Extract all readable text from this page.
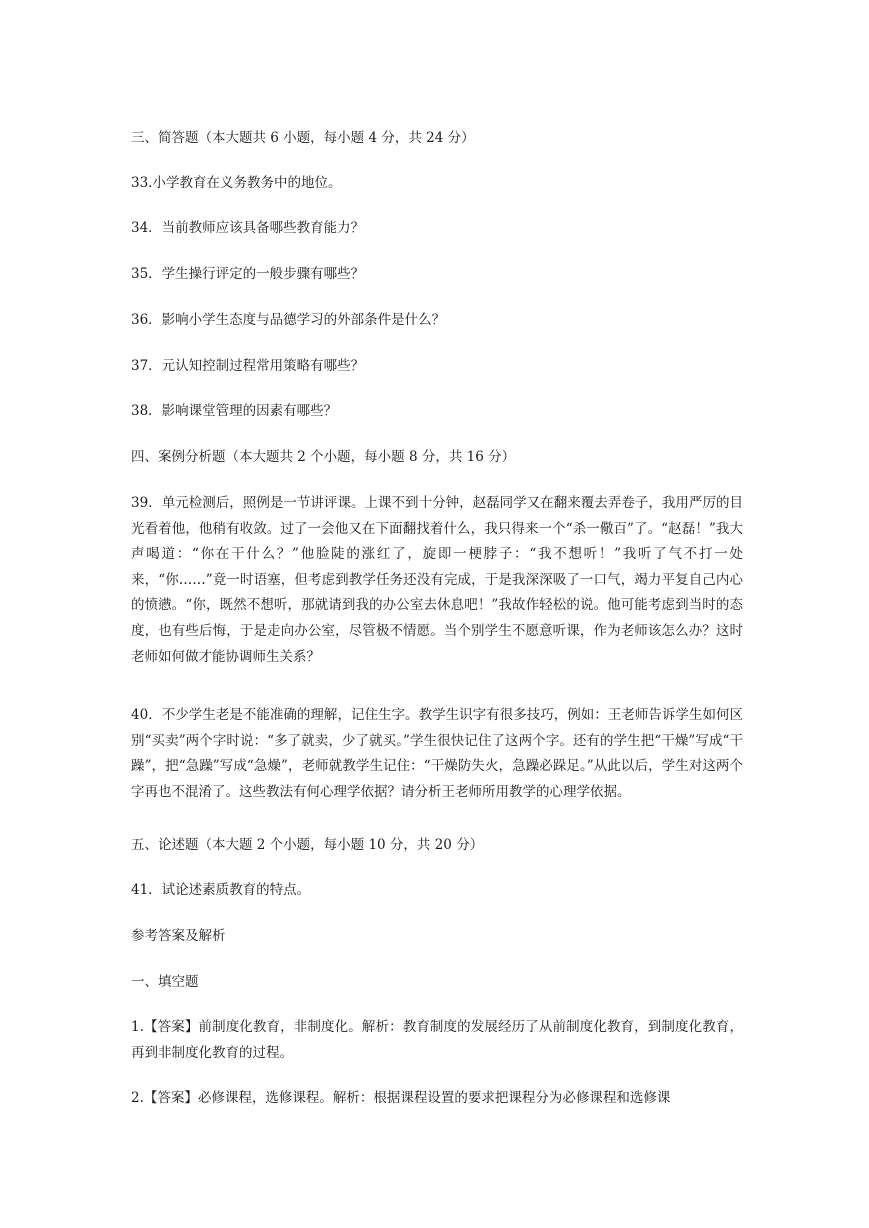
三、简答题（本大题共 6 小题，每小题 4 分，共 24 分）

33.小学教育在义务教务中的地位。

34．当前教师应该具备哪些教育能力？

35．学生操行评定的一般步骤有哪些？

36．影响小学生态度与品德学习的外部条件是什么？

37．元认知控制过程常用策略有哪些？

38．影响课堂管理的因素有哪些？

四、案例分析题（本大题共 2 个小题，每小题 8 分，共 16 分）

39．单元检测后，照例是一节讲评课。上课不到十分钟，赵磊同学又在翻来覆去弄卷子，我用严厉的目光看着他，他稍有收敛。过了一会他又在下面翻找着什么，我只得来一个“杀一儆百”了。“赵磊！”我大声喝道：“你在干什么？”他脸陡的涨红了，旋即一梗脖子：“我不想听！”我听了气不打一处来，“你……”竟一时语塞，但考虑到教学任务还没有完成，于是我深深吸了一口气，竭力平复自己内心的愤懑。“你，既然不想听，那就请到我的办公室去休息吧！”我故作轻松的说。他可能考虑到当时的态度，也有些后悔，于是走向办公室，尽管极不情愿。当个别学生不愿意听课，作为老师该怎么办？这时老师如何做才能协调师生关系？

40．不少学生老是不能准确的理解，记住生字。教学生识字有很多技巧，例如：王老师告诉学生如何区别“买卖”两个字时说：“多了就卖，少了就买。”学生很快记住了这两个字。还有的学生把“干燥”写成“干躁”，把“急躁”写成“急燥”，老师就教学生记住：“干燥防失火，急躁必跺足。”从此以后，学生对这两个字再也不混淆了。这些教法有何心理学依据？请分析王老师所用教学的心理学依据。

五、论述题（本大题 2 个小题，每小题 10 分，共 20 分）

41．试论述素质教育的特点。

参考答案及解析

一、填空题

1.【答案】前制度化教育，非制度化。解析：教育制度的发展经历了从前制度化教育，到制度化教育，再到非制度化教育的过程。

2.【答案】必修课程，选修课程。解析：根据课程设置的要求把课程分为必修课程和选修课
